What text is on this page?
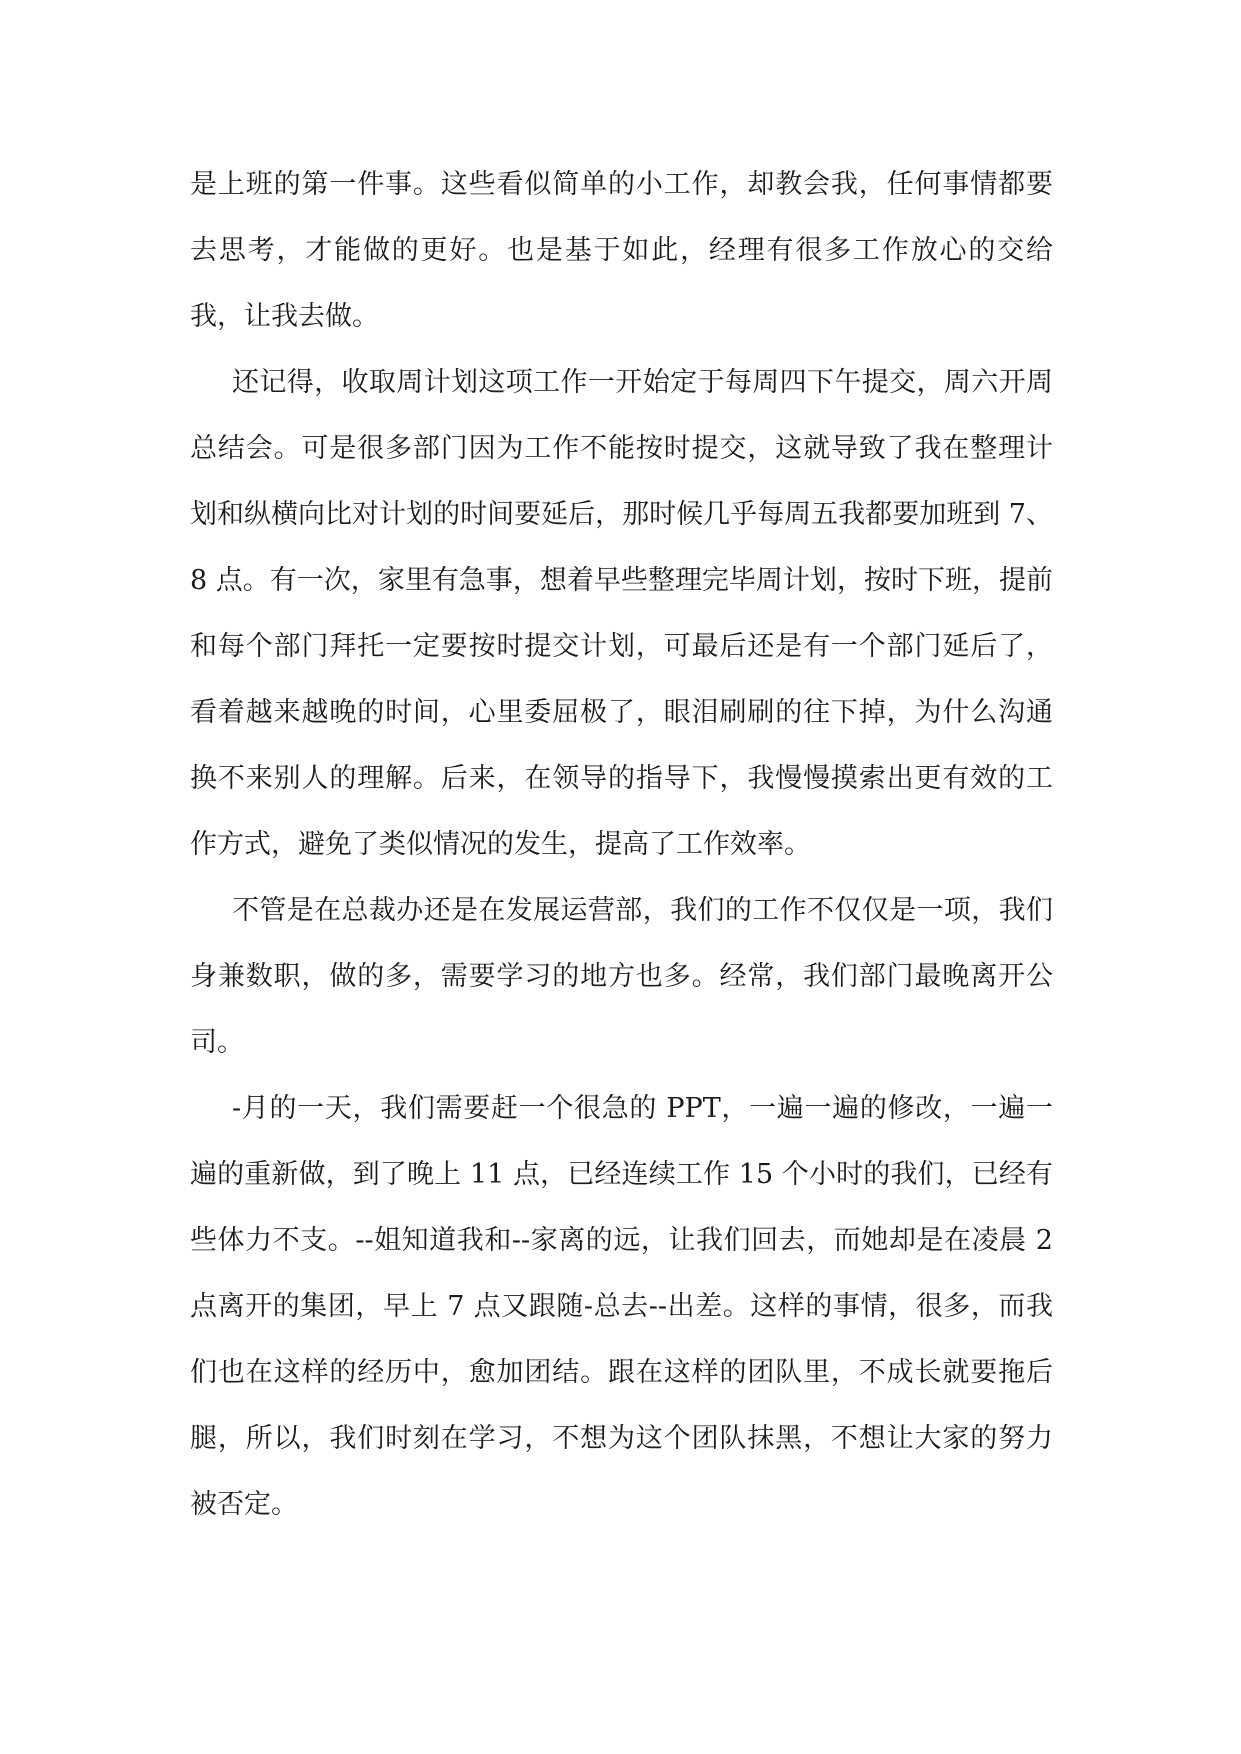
是上班的第一件事。这些看似简单的小工作，却教会我，任何事情都要去思考，才能做的更好。也是基于如此，经理有很多工作放心的交给我，让我去做。

还记得，收取周计划这项工作一开始定于每周四下午提交，周六开周总结会。可是很多部门因为工作不能按时提交，这就导致了我在整理计划和纵横向比对计划的时间要延后，那时候几乎每周五我都要加班到 7、8 点。有一次，家里有急事，想着早些整理完毕周计划，按时下班，提前和每个部门拜托一定要按时提交计划，可最后还是有一个部门延后了，看着越来越晚的时间，心里委屈极了，眼泪刷刷的往下掉，为什么沟通换不来别人的理解。后来，在领导的指导下，我慢慢摸索出更有效的工作方式，避免了类似情况的发生，提高了工作效率。

不管是在总裁办还是在发展运营部，我们的工作不仅仅是一项，我们身兼数职，做的多，需要学习的地方也多。经常，我们部门最晚离开公司。

-月的一天，我们需要赶一个很急的 PPT，一遍一遍的修改，一遍一遍的重新做，到了晚上 11 点，已经连续工作 15 个小时的我们，已经有些体力不支。--姐知道我和--家离的远，让我们回去，而她却是在凌晨 2 点离开的集团，早上 7 点又跟随-总去--出差。这样的事情，很多，而我们也在这样的经历中，愈加团结。跟在这样的团队里，不成长就要拖后腿，所以，我们时刻在学习，不想为这个团队抹黑，不想让大家的努力被否定。
